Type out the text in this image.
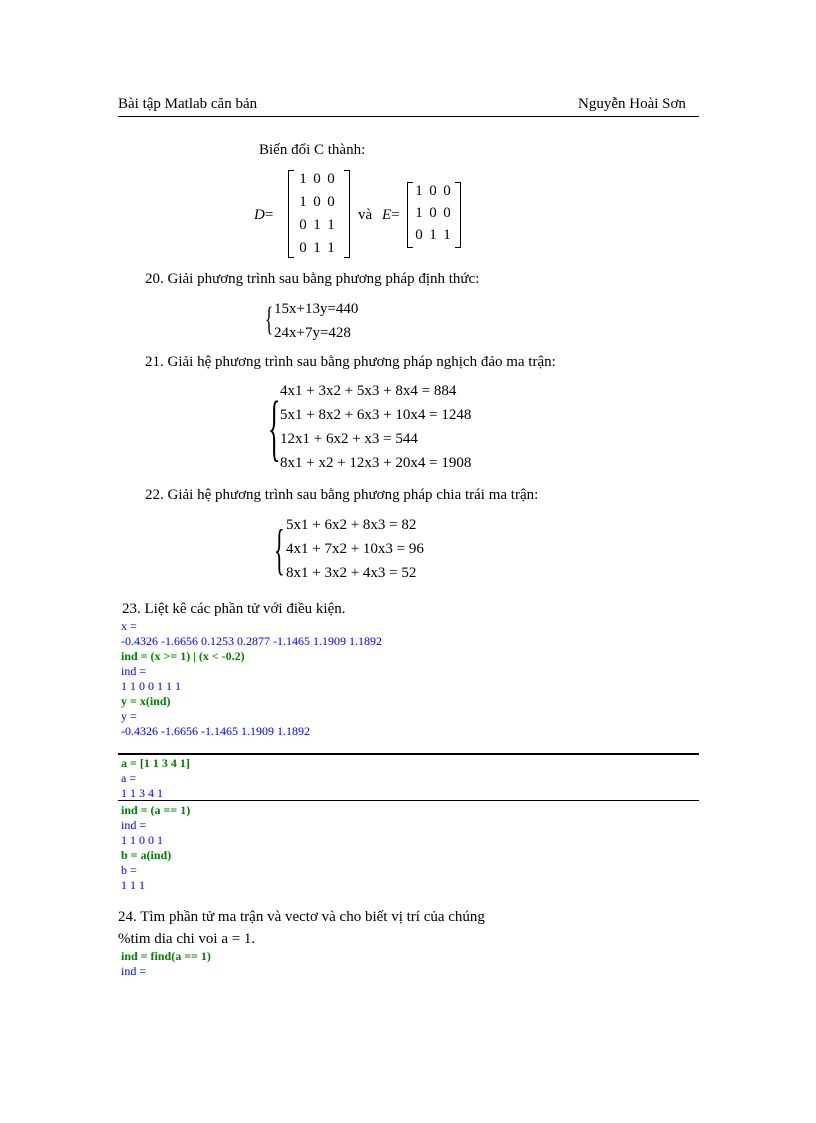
Bài tập Matlab căn bản	Nguyễn Hoài Sơn
Biến đổi C thành:
D=
1 0 0
1 0 0
0 1 1
0 1 1
và E=
1 0 0
1 0 0
0 1 1
20. Giải phương trình sau bằng phương pháp định thức:
{ 15x+13y=440
24x+7y=428
21. Giải hệ phương trình sau bằng phương pháp nghịch đảo ma trận:
{ 4x1 + 3x2 + 5x3 + 8x4 = 884
5x1 + 8x2 + 6x3 + 10x4 = 1248
12x1 + 6x2 + x3 = 544
8x1 + x2 + 12x3 + 20x4 = 1908
22. Giải hệ phương trình sau bằng phương pháp chia trái ma trận:
{ 5x1 + 6x2 + 8x3 = 82
4x1 + 7x2 + 10x3 = 96
8x1 + 3x2 + 4x3 = 52
23. Liệt kê các phần tử với điều kiện.
x =
-0.4326 -1.6656 0.1253 0.2877 -1.1465 1.1909 1.1892
ind = (x >= 1) | (x < -0.2)
ind =
1 1 0 0 1 1 1
y = x(ind)
y =
-0.4326 -1.6656 -1.1465 1.1909 1.1892
a = [1 1 3 4 1]
a =
1 1 3 4 1
ind = (a == 1)
ind =
1 1 0 0 1
b = a(ind)
b =
1 1 1
24. Tìm phần tử ma trận và vectơ và cho biết vị trí của chúng
%tim dia chi voi a = 1.
ind = find(a == 1)
ind =
